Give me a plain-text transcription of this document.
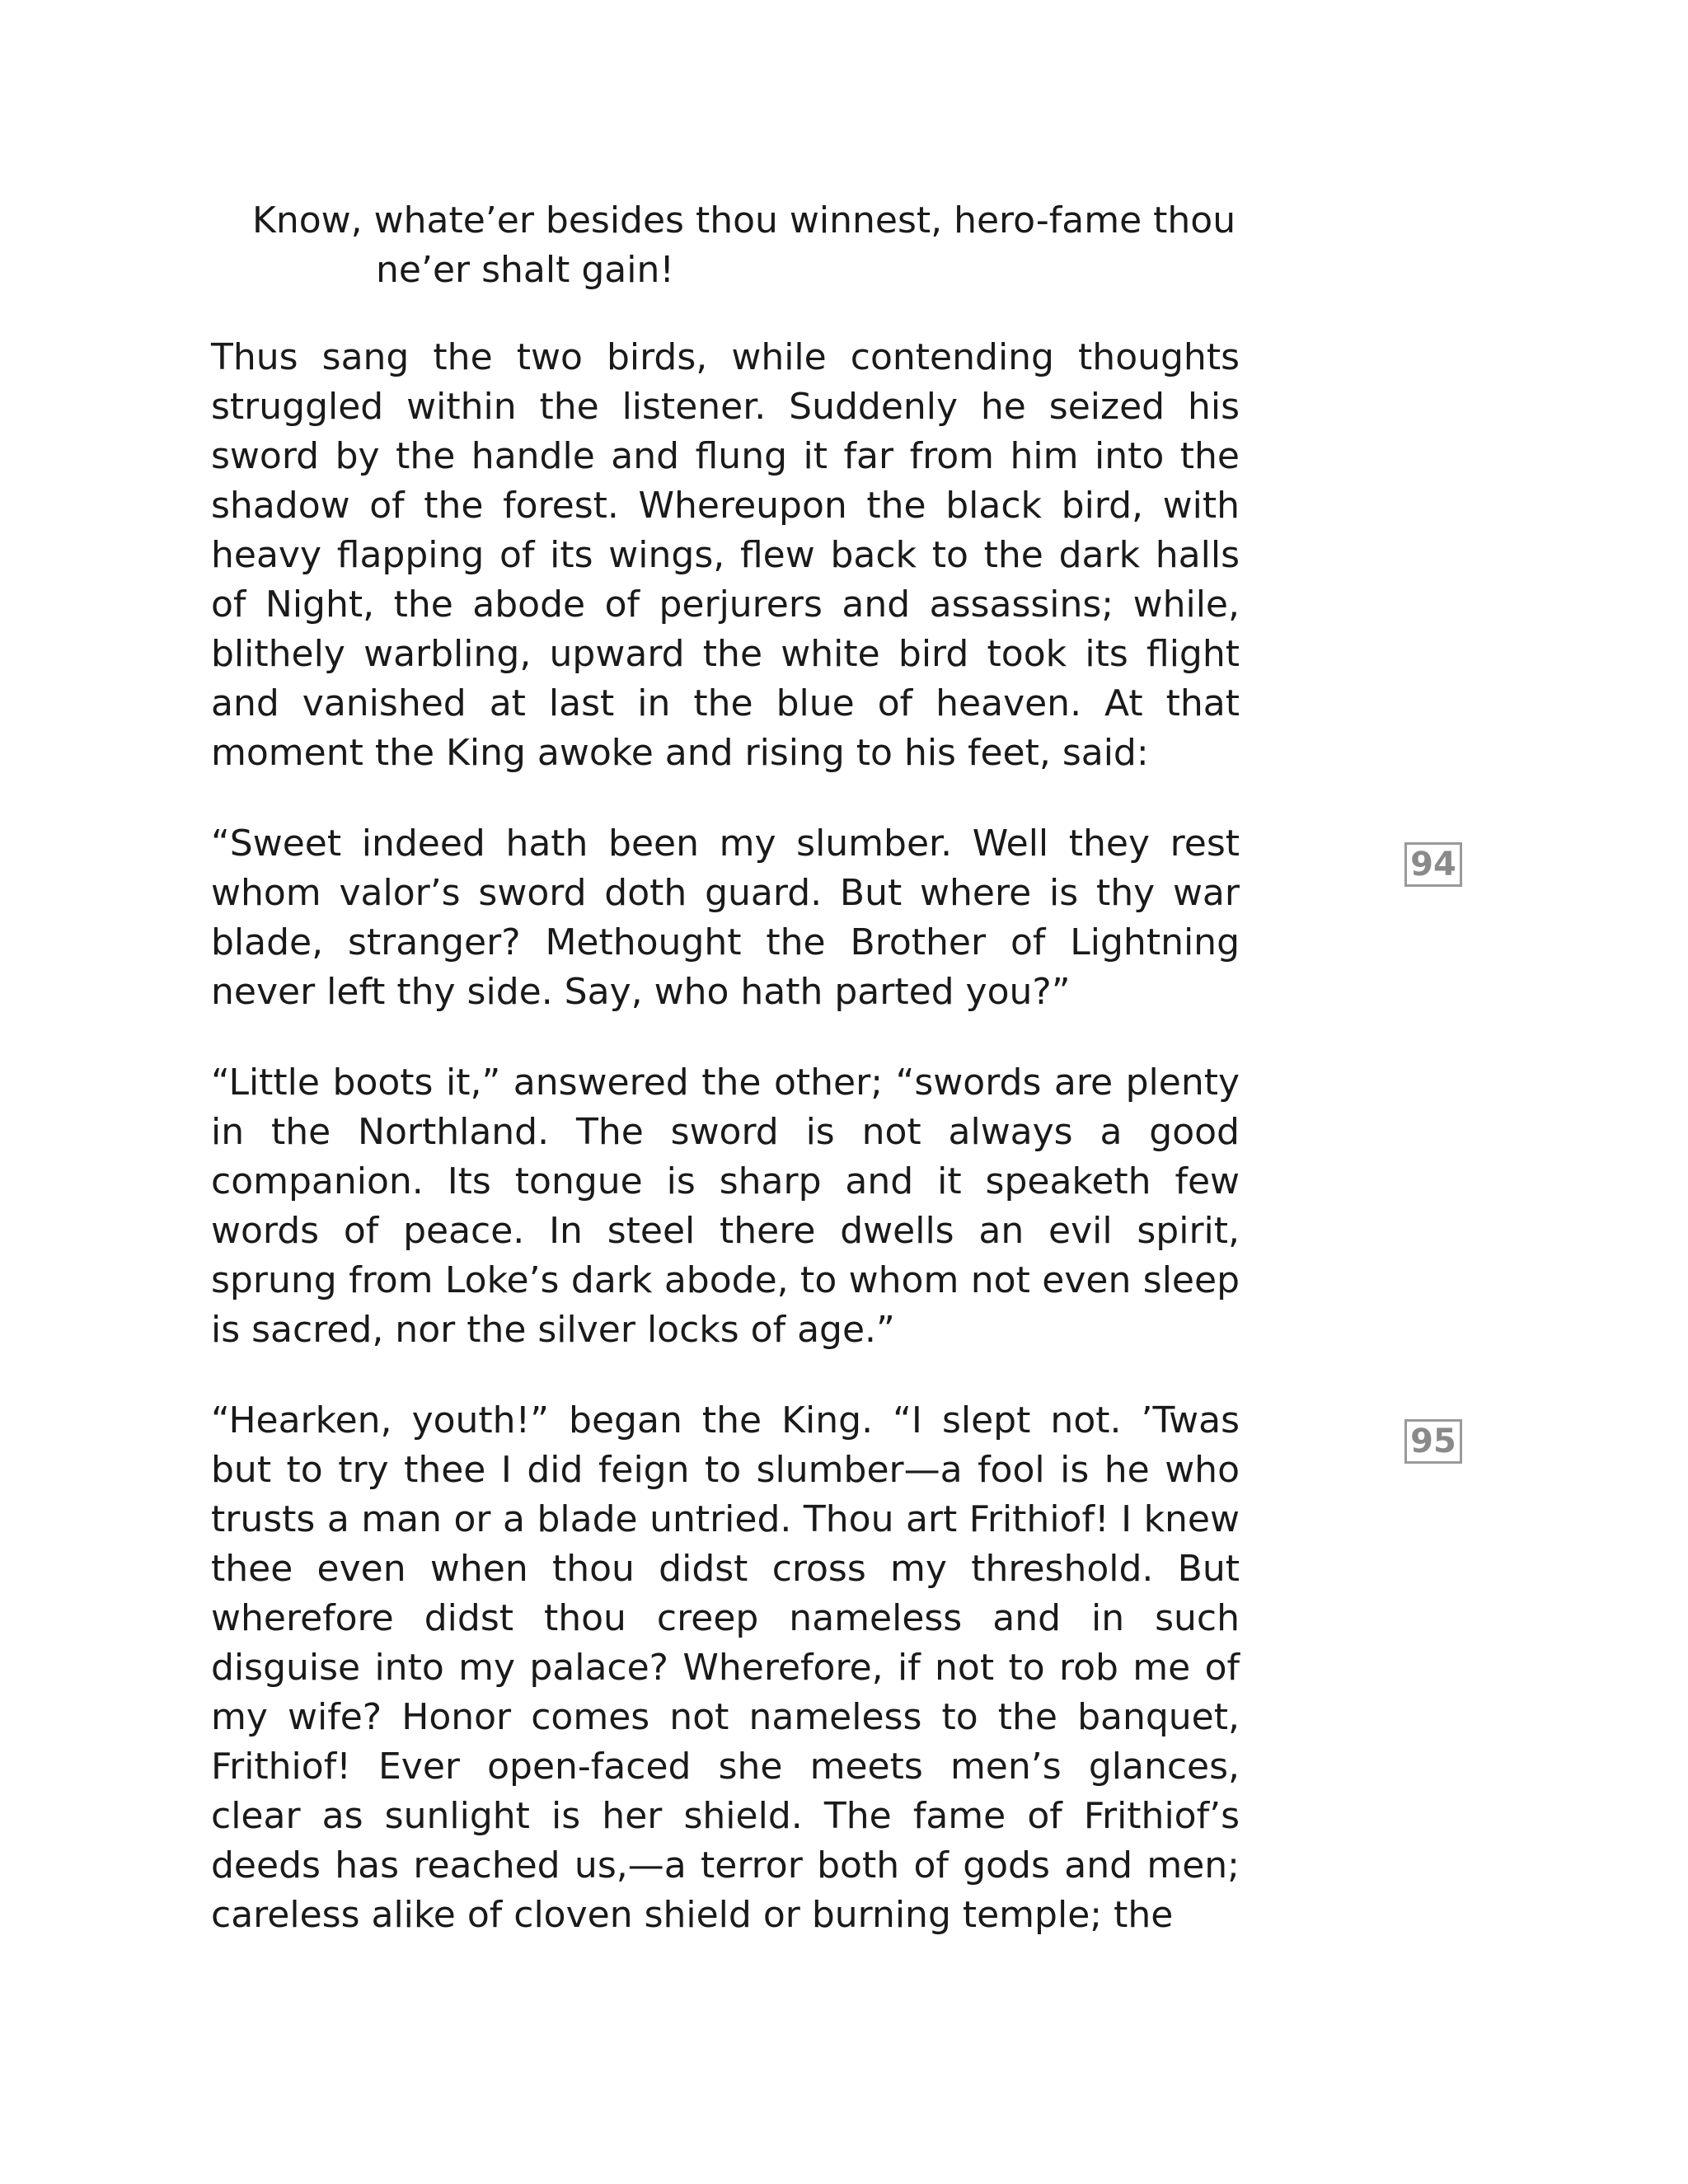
Know, whate’er besides thou winnest, hero-fame thou
ne’er shalt gain!

Thus sang the two birds, while contending thoughts struggled within the listener. Suddenly he seized his sword by the handle and flung it far from him into the shadow of the forest. Whereupon the black bird, with heavy flapping of its wings, flew back to the dark halls of Night, the abode of perjurers and assassins; while, blithely warbling, upward the white bird took its flight and vanished at last in the blue of heaven. At that moment the King awoke and rising to his feet, said:

“Sweet indeed hath been my slumber. Well they rest whom valor’s sword doth guard. But where is thy war blade, stranger? Methought the Brother of Lightning never left thy side. Say, who hath parted you?”

“Little boots it,” answered the other; “swords are plenty in the Northland. The sword is not always a good companion. Its tongue is sharp and it speaketh few words of peace. In steel there dwells an evil spirit, sprung from Loke’s dark abode, to whom not even sleep is sacred, nor the silver locks of age.”

“Hearken, youth!” began the King. “I slept not. ’Twas but to try thee I did feign to slumber—a fool is he who trusts a man or a blade untried. Thou art Frithiof! I knew thee even when thou didst cross my threshold. But wherefore didst thou creep nameless and in such disguise into my palace? Wherefore, if not to rob me of my wife? Honor comes not nameless to the banquet, Frithiof! Ever open-faced she meets men’s glances, clear as sunlight is her shield. The fame of Frithiof’s deeds has reached us,—a terror both of gods and men; careless alike of cloven shield or burning temple; the

94
95
